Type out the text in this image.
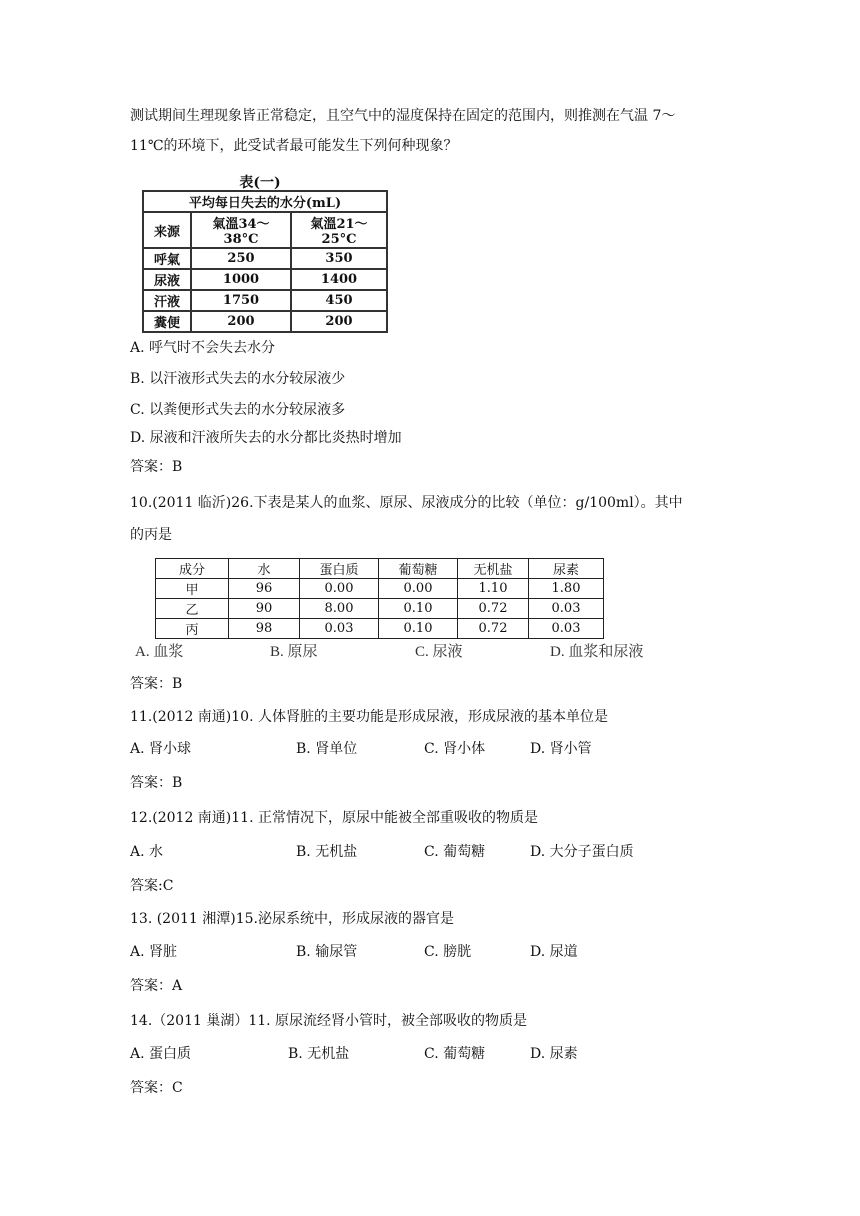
测试期间生理现象皆正常稳定，且空气中的湿度保持在固定的范围内，则推测在气温 7～
11℃的环境下，此受试者最可能发生下列何种现象？
表(一)
平均每日失去的水分(mL)		
来源	氣溫34～38°C	氣溫21～25°C
呼氣	250	350
尿液	1000	1400
汗液	1750	450
糞便	200	200
A. 呼气时不会失去水分
B. 以汗液形式失去的水分较尿液少
C. 以粪便形式失去的水分较尿液多
D. 尿液和汗液所失去的水分都比炎热时增加
答案：B
10.(2011 临沂)26.下表是某人的血浆、原尿、尿液成分的比较（单位：g/100ml）。其中
的丙是
成分	水	蛋白质	葡萄糖	无机盐	尿素
甲	96	0.00	0.00	1.10	1.80
乙	90	8.00	0.10	0.72	0.03
丙	98	0.03	0.10	0.72	0.03
A. 血浆	B. 原尿	C. 尿液	D. 血浆和尿液
答案：B
11.(2012 南通)10. 人体肾脏的主要功能是形成尿液，形成尿液的基本单位是
A. 肾小球	B. 肾单位	C. 肾小体	D. 肾小管
答案：B
12.(2012 南通)11. 正常情况下，原尿中能被全部重吸收的物质是
A. 水	B. 无机盐	C. 葡萄糖	D. 大分子蛋白质
答案:C
13. (2011 湘潭)15.泌尿系统中，形成尿液的器官是
A. 肾脏	B. 输尿管	C. 膀胱	D. 尿道
答案：A
14.（2011 巢湖）11. 原尿流经肾小管时，被全部吸收的物质是
A. 蛋白质	B. 无机盐	C. 葡萄糖	D. 尿素
答案：C
